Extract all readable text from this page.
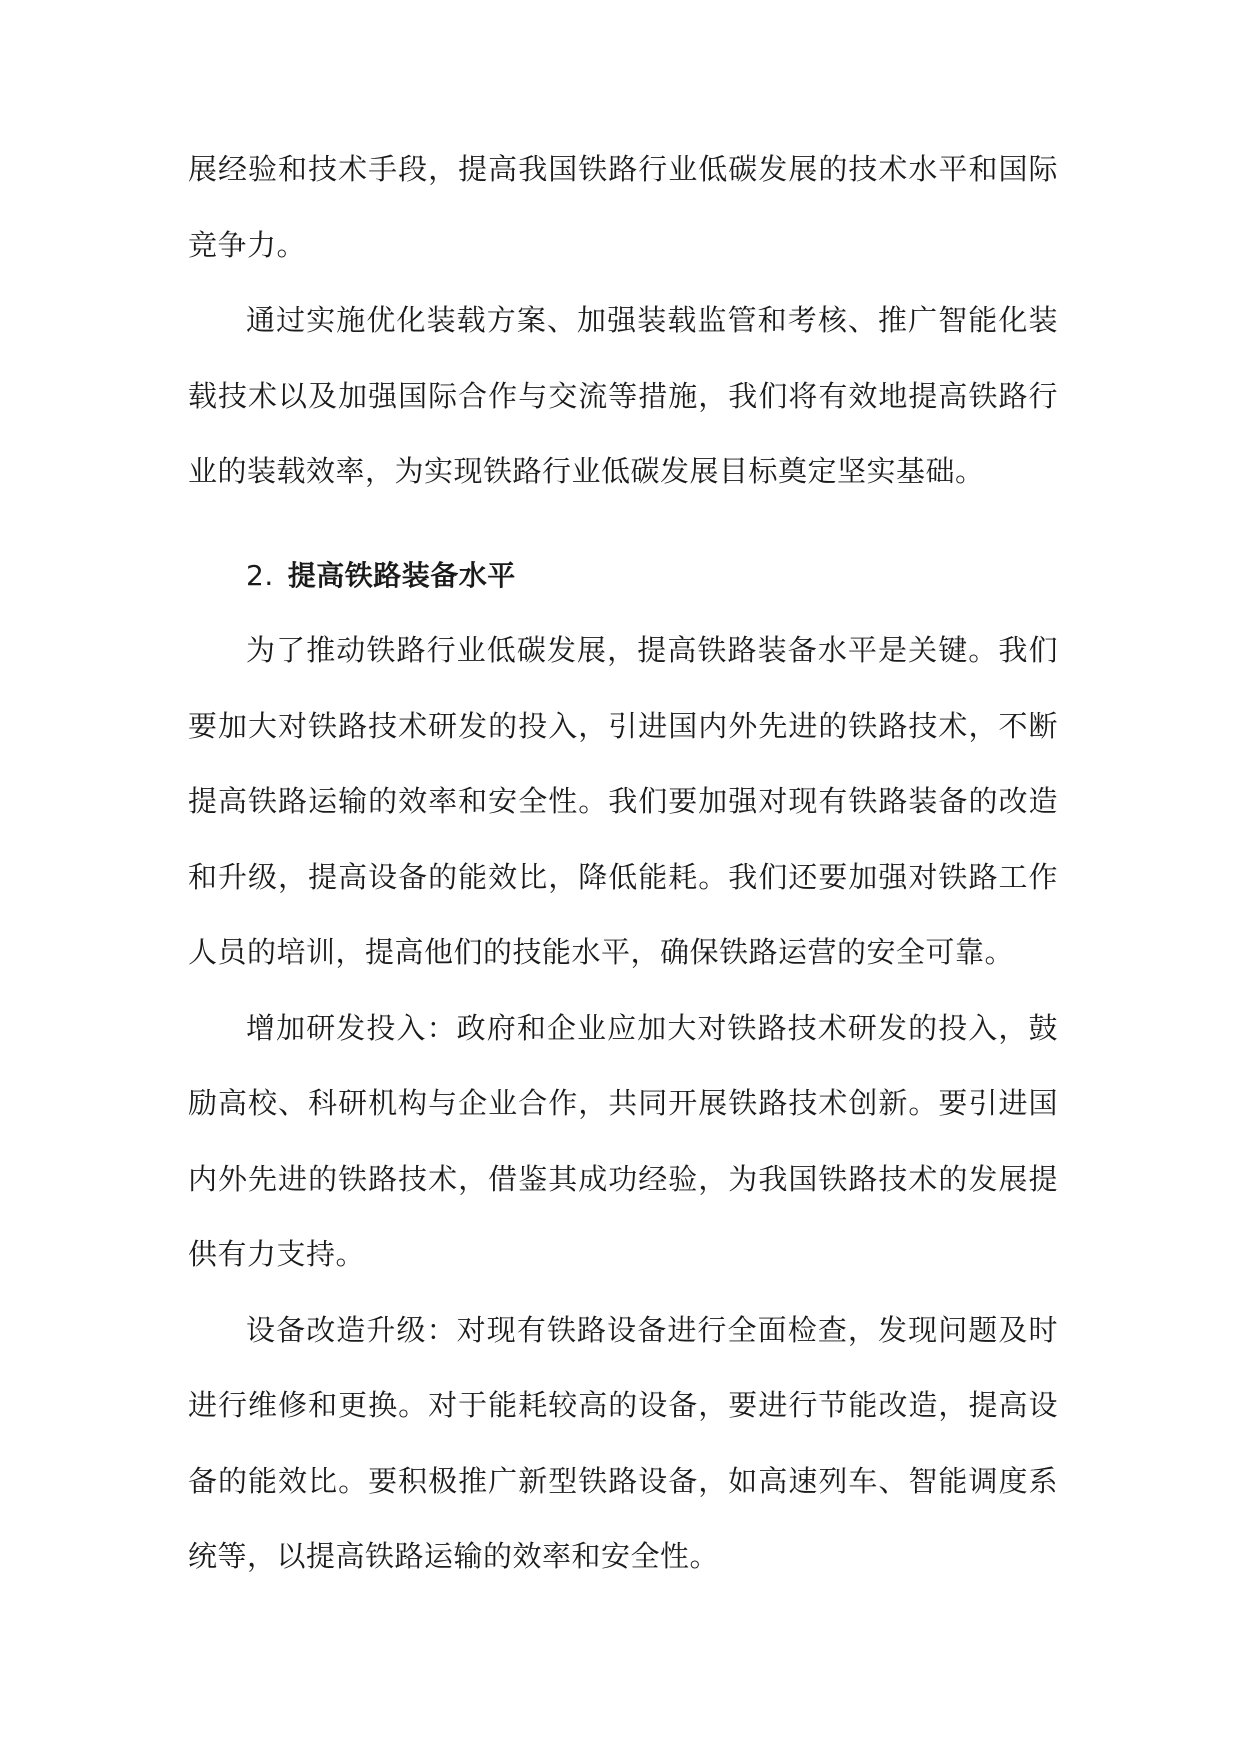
展经验和技术手段，提高我国铁路行业低碳发展的技术水平和国际竞争力。

通过实施优化装载方案、加强装载监管和考核、推广智能化装载技术以及加强国际合作与交流等措施，我们将有效地提高铁路行业的装载效率，为实现铁路行业低碳发展目标奠定坚实基础。

2. 提高铁路装备水平

为了推动铁路行业低碳发展，提高铁路装备水平是关键。我们要加大对铁路技术研发的投入，引进国内外先进的铁路技术，不断提高铁路运输的效率和安全性。我们要加强对现有铁路装备的改造和升级，提高设备的能效比，降低能耗。我们还要加强对铁路工作人员的培训，提高他们的技能水平，确保铁路运营的安全可靠。

增加研发投入：政府和企业应加大对铁路技术研发的投入，鼓励高校、科研机构与企业合作，共同开展铁路技术创新。要引进国内外先进的铁路技术，借鉴其成功经验，为我国铁路技术的发展提供有力支持。

设备改造升级：对现有铁路设备进行全面检查，发现问题及时进行维修和更换。对于能耗较高的设备，要进行节能改造，提高设备的能效比。要积极推广新型铁路设备，如高速列车、智能调度系统等，以提高铁路运输的效率和安全性。
